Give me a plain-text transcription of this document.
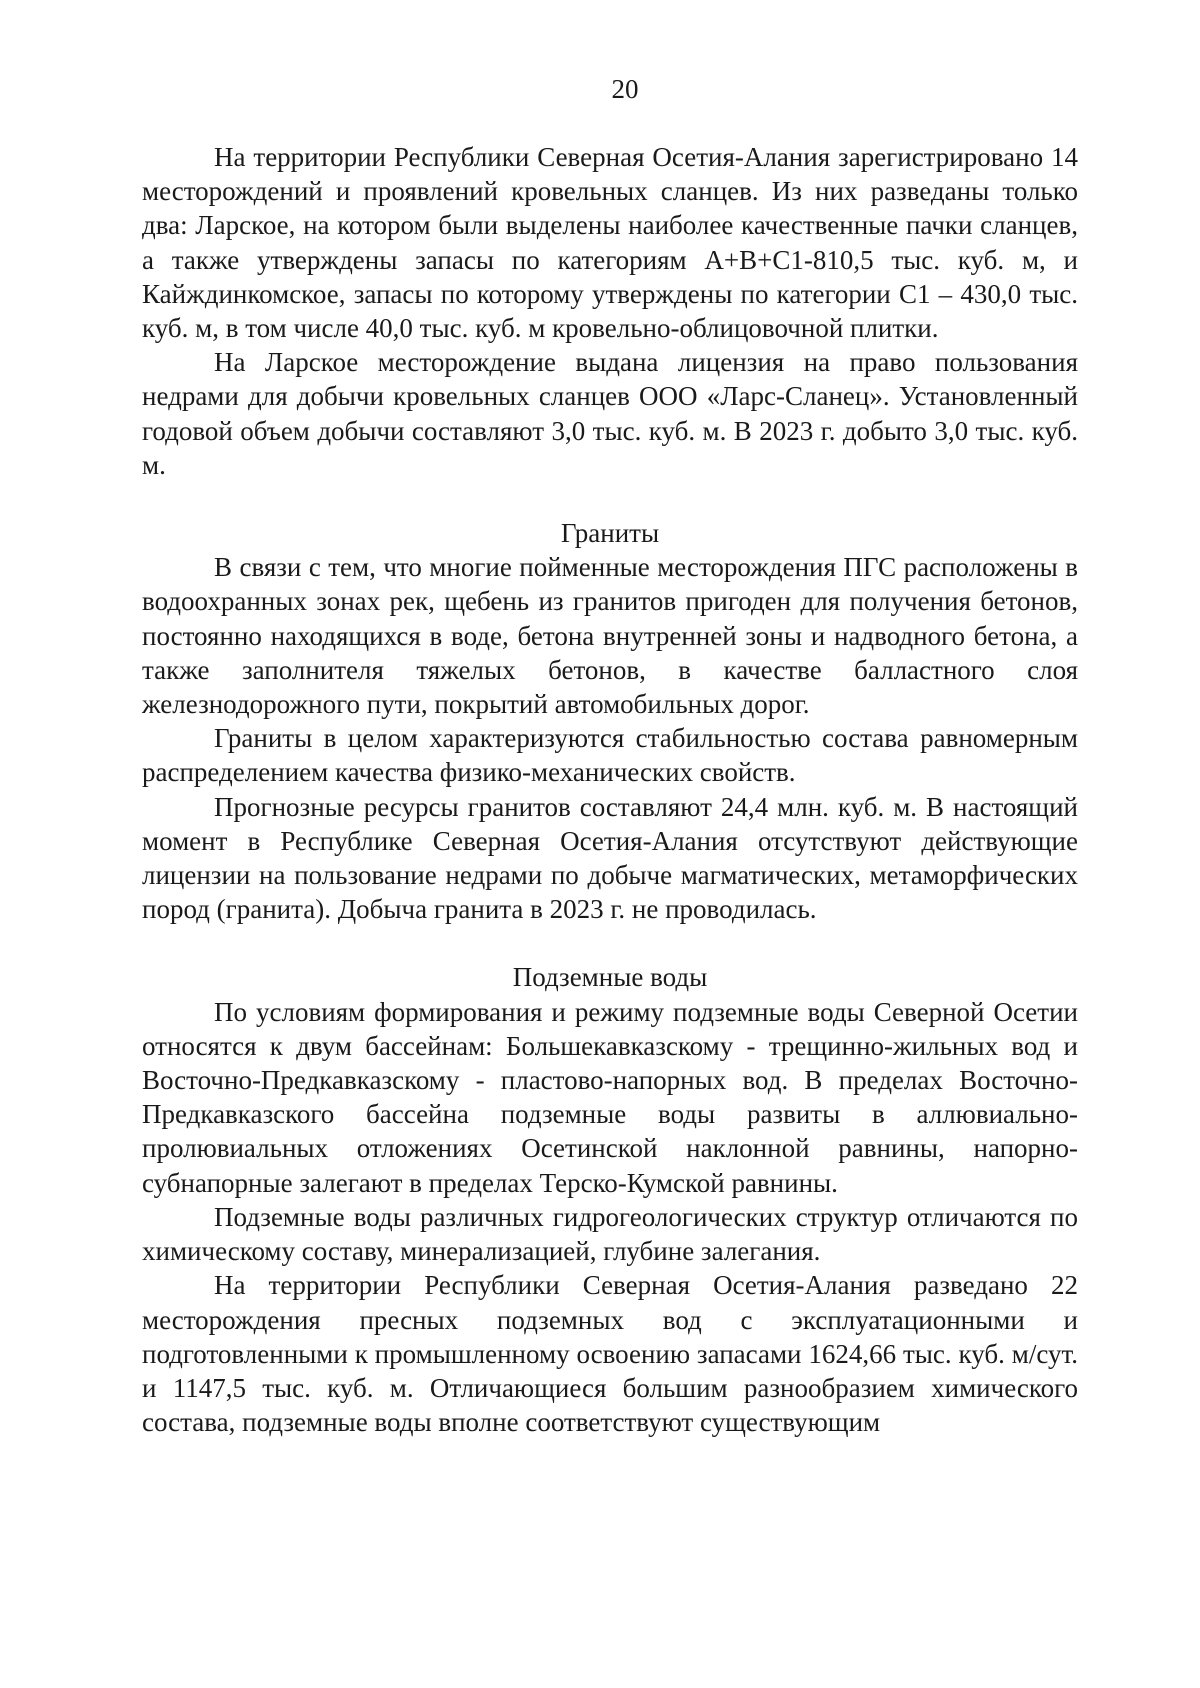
20

На территории Республики Северная Осетия-Алания зарегистрировано 14 месторождений и проявлений кровельных сланцев. Из них разведаны только два: Ларское, на котором были выделены наиболее качественные пачки сланцев, а также утверждены запасы по категориям А+В+С1-810,5 тыс. куб. м, и Кайждинкомское, запасы по которому утверждены по категории С1 – 430,0 тыс. куб. м, в том числе 40,0 тыс. куб. м кровельно-облицовочной плитки.

На Ларское месторождение выдана лицензия на право пользования недрами для добычи кровельных сланцев ООО «Ларс-Сланец». Установленный годовой объем добычи составляют 3,0 тыс. куб. м. В 2023 г. добыто 3,0 тыс. куб. м.

Граниты

В связи с тем, что многие пойменные месторождения ПГС расположены в водоохранных зонах рек, щебень из гранитов пригоден для получения бетонов, постоянно находящихся в воде, бетона внутренней зоны и надводного бетона, а также заполнителя тяжелых бетонов, в качестве балластного слоя железнодорожного пути, покрытий автомобильных дорог.

Граниты в целом характеризуются стабильностью состава равномерным распределением качества физико-механических свойств.

Прогнозные ресурсы гранитов составляют 24,4 млн. куб. м. В настоящий момент в Республике Северная Осетия-Алания отсутствуют действующие лицензии на пользование недрами по добыче магматических, метаморфических пород (гранита). Добыча гранита в 2023 г. не проводилась.

Подземные воды

По условиям формирования и режиму подземные воды Северной Осетии относятся к двум бассейнам: Большекавказскому - трещинно-жильных вод и Восточно-Предкавказскому - пластово-напорных вод. В пределах Восточно-Предкавказского бассейна подземные воды развиты в аллювиально-пролювиальных отложениях Осетинской наклонной равнины, напорно- субнапорные залегают в пределах Терско-Кумской равнины.

Подземные воды различных гидрогеологических структур отличаются по химическому составу, минерализацией, глубине залегания.

На территории Республики Северная Осетия-Алания разведано 22 месторождения пресных подземных вод с эксплуатационными и подготовленными к промышленному освоению запасами 1624,66 тыс. куб. м/сут. и 1147,5 тыс. куб. м. Отличающиеся большим разнообразием химического состава, подземные воды вполне соответствуют существующим
